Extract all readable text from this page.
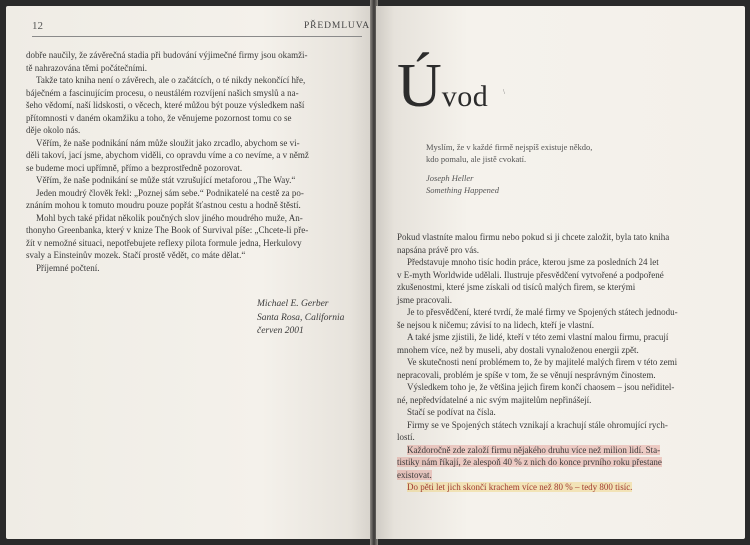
12	PŘEDMLUVA
dobře naučily, že závěrečná stadia při budování výjimečné firmy jsou okamži-
tě nahrazována těmi počátečními.
Takže tato kniha není o závěrech, ale o začátcích, o té nikdy nekončící hře,
báječném a fascinujícím procesu, o neustálém rozvíjení našich smyslů a na-
šeho vědomí, naší lidskosti, o věcech, které můžou být pouze výsledkem naší
přítomnosti v daném okamžiku a toho, že věnujeme pozornost tomu co se
děje okolo nás.
Věřím, že naše podnikání nám může sloužit jako zrcadlo, abychom se vi-
děli takoví, jací jsme, abychom viděli, co opravdu víme a co nevíme, a v němž
se budeme moci upřímně, přímo a bezprostředně pozorovat.
Věřím, že naše podnikání se může stát vzrušující metaforou „The Way.“
Jeden moudrý člověk řekl: „Poznej sám sebe.“ Podnikatelé na cestě za po-
znáním mohou k tomuto moudru pouze popřát šťastnou cestu a hodně štěstí.
Mohl bych také přidat několik poučných slov jiného moudrého muže, An-
thonyho Greenbanka, který v knize The Book of Survival píše: „Chcete-li pře-
žít v nemožné situaci, nepotřebujete reflexy pilota formule jedna, Herkulovy
svaly a Einsteinův mozek. Stačí prostě vědět, co máte dělat.“
Příjemné počtení.
Michael E. Gerber
Santa Rosa, California
červen 2001
Úvod \
Myslím, že v každé firmě nejspíš existuje někdo,
kdo pomalu, ale jistě cvokatí.
Joseph Heller
Something Happened
Pokud vlastníte malou firmu nebo pokud si ji chcete založit, byla tato kniha
napsána právě pro vás.
Představuje mnoho tisíc hodin práce, kterou jsme za posledních 24 let
v E-myth Worldwide udělali. Ilustruje přesvědčení vytvořené a podpořené
zkušenostmi, které jsme získali od tisíců malých firem, se kterými
jsme pracovali.
Je to přesvědčení, které tvrdí, že malé firmy ve Spojených státech jednodu-
še nejsou k ničemu; závisí to na lidech, kteří je vlastní.
A také jsme zjistili, že lidé, kteří v této zemi vlastní malou firmu, pracují
mnohem více, než by museli, aby dostali vynaloženou energii zpět.
Ve skutečnosti není problémem to, že by majitelé malých firem v této zemi
nepracovali, problém je spíše v tom, že se věnují nesprávným činostem.
Výsledkem toho je, že většina jejich firem končí chaosem – jsou neřiditel-
né, nepředvídatelné a nic svým majitelům nepřinášejí.
Stačí se podívat na čísla.
Firmy se ve Spojených státech vznikají a krachují stále ohromující rych-
lostí.
Každoročně zde založí firmu nějakého druhu více než milion lidí. Sta-
tistiky nám říkají, že alespoň 40 % z nich do konce prvního roku přestane
existovat.
Do pěti let jich skončí krachem více než 80 % – tedy 800 tisíc.
